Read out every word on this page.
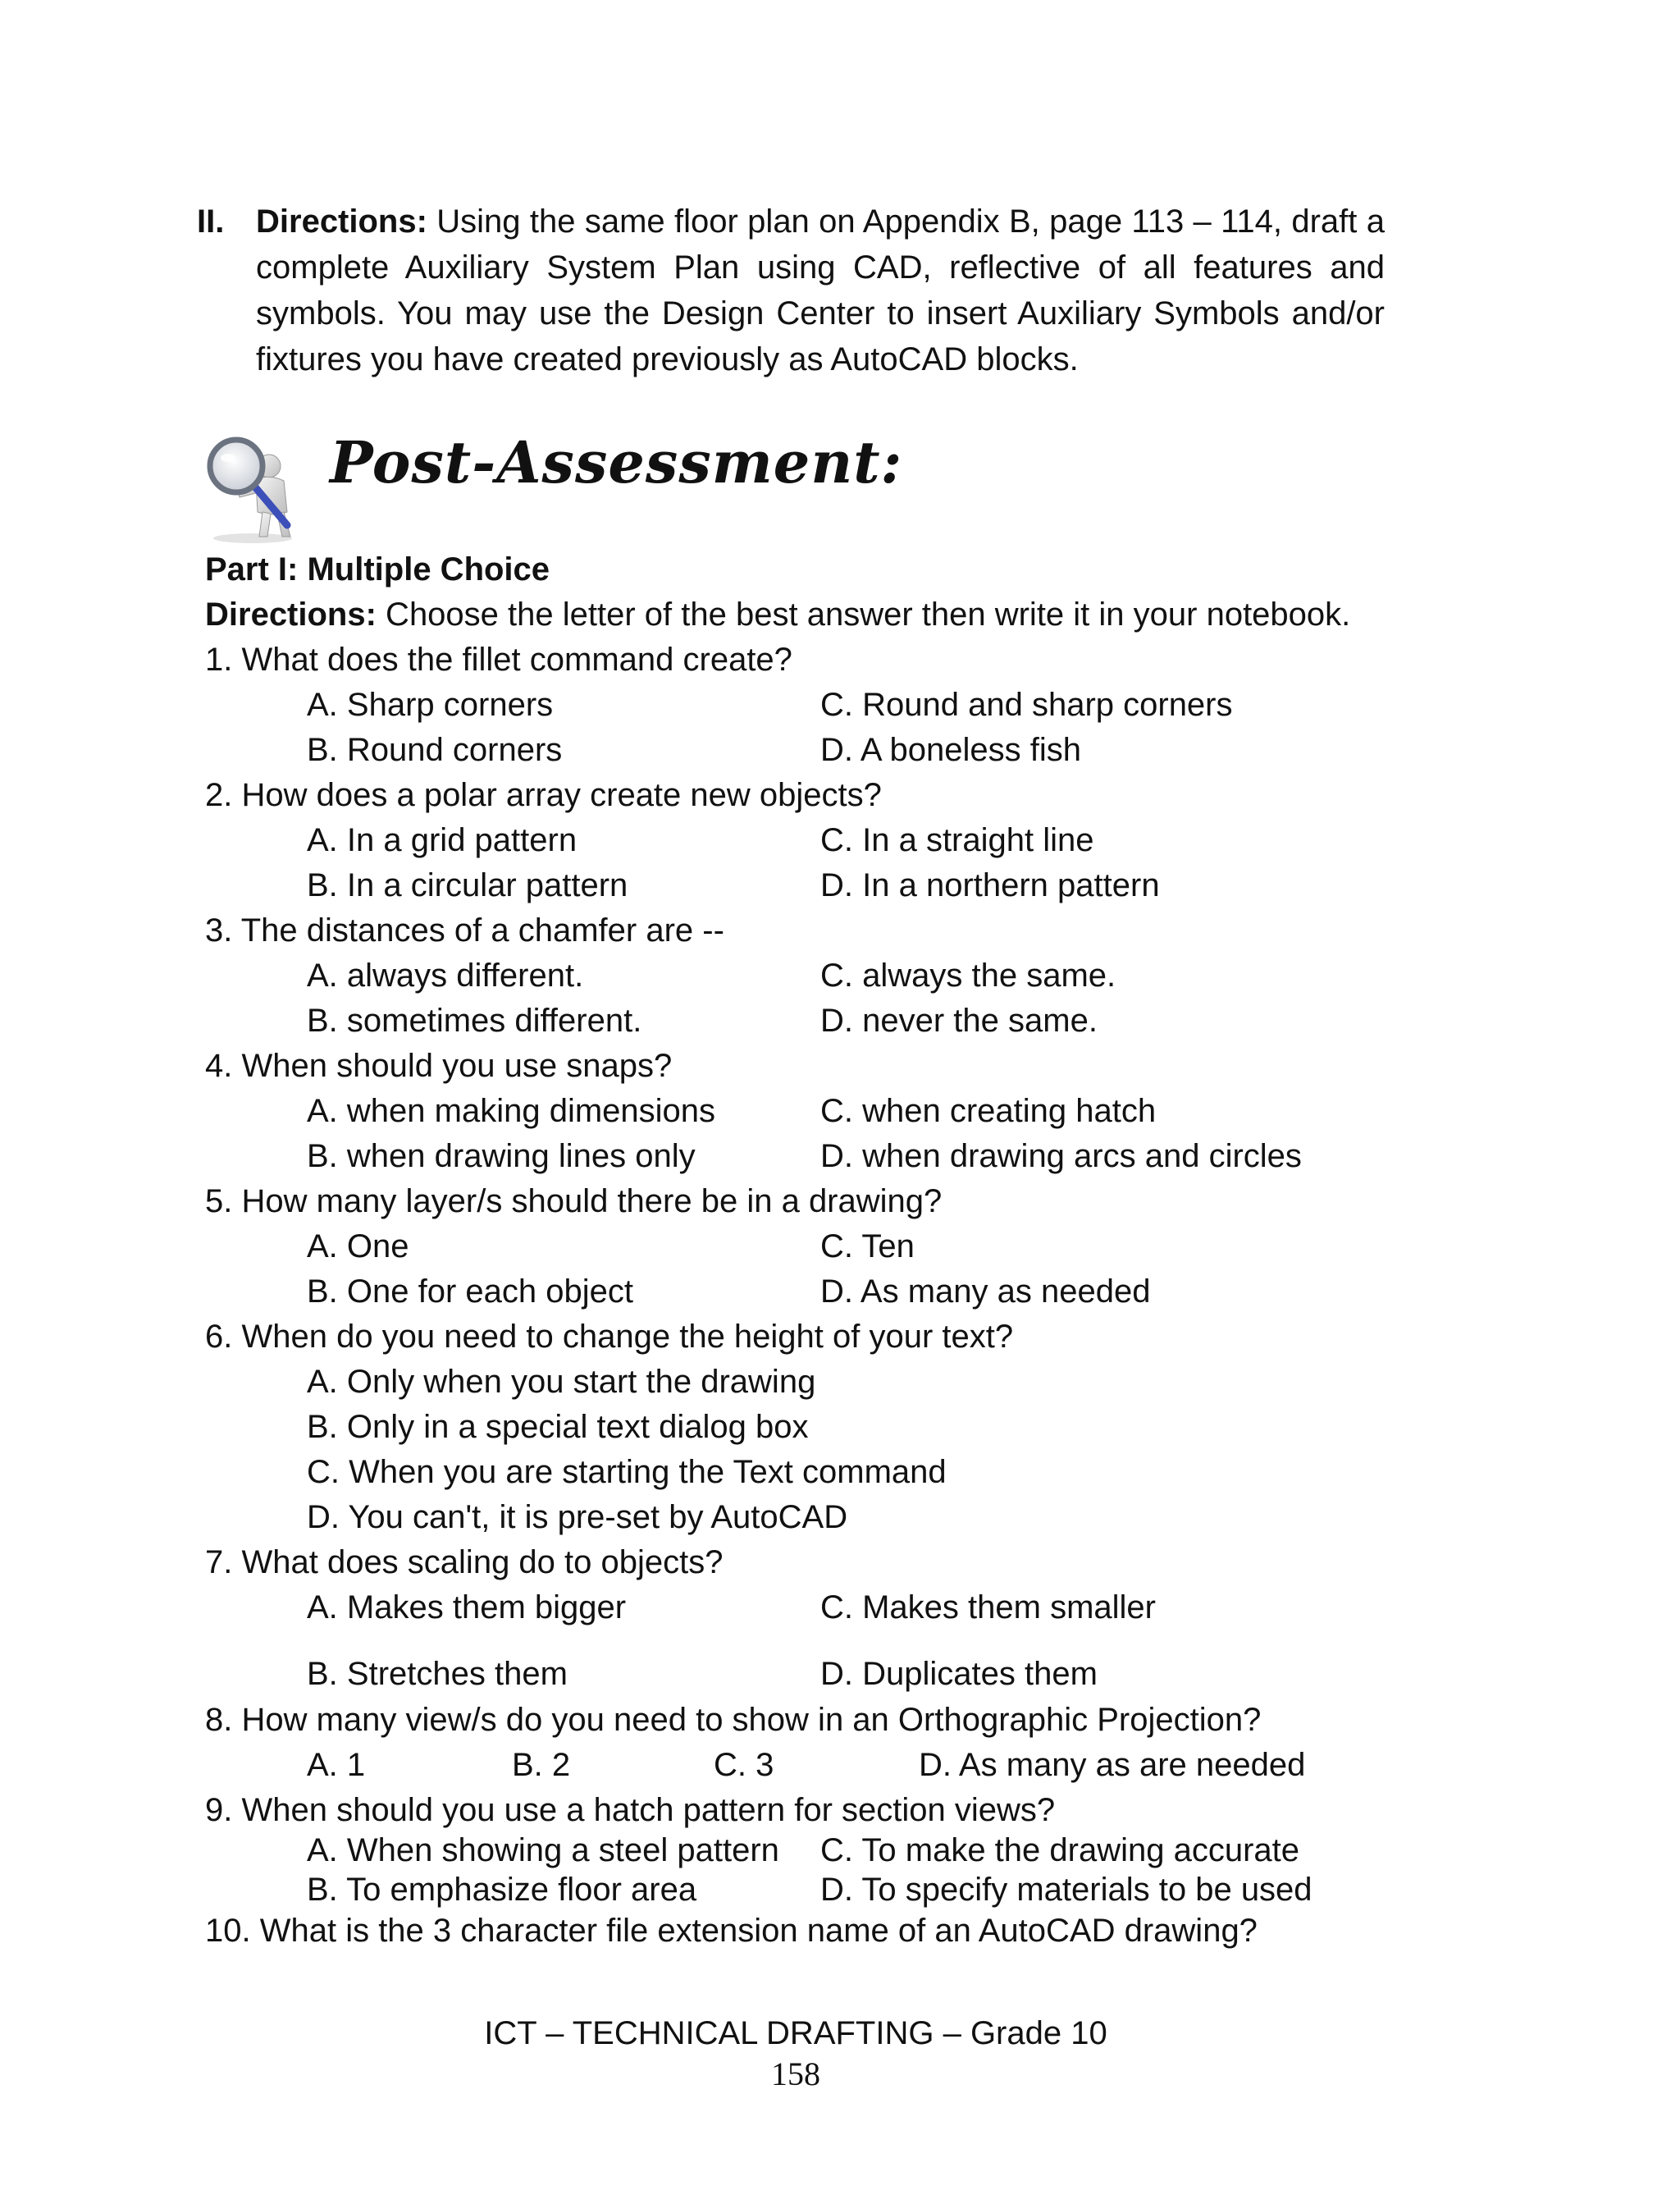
II. Directions: Using the same floor plan on Appendix B, page 113 – 114, draft a complete Auxiliary System Plan using CAD, reflective of all features and symbols. You may use the Design Center to insert Auxiliary Symbols and/or fixtures you have created previously as AutoCAD blocks.
Post-Assessment:
Part I: Multiple Choice
Directions: Choose the letter of the best answer then write it in your notebook.
1. What does the fillet command create?
A. Sharp corners	C. Round and sharp corners
B. Round corners	D. A boneless fish
2. How does a polar array create new objects?
A. In a grid pattern	C. In a straight line
B. In a circular pattern	D. In a northern pattern
3. The distances of a chamfer are --
A. always different.	C. always the same.
B. sometimes different.	D. never the same.
4. When should you use snaps?
A. when making dimensions	C. when creating hatch
B. when drawing lines only	D. when drawing arcs and circles
5. How many layer/s should there be in a drawing?
A. One	C. Ten
B. One for each object	D. As many as needed
6. When do you need to change the height of your text?
A. Only when you start the drawing
B. Only in a special text dialog box
C. When you are starting the Text command
D. You can't, it is pre-set by AutoCAD
7. What does scaling do to objects?
A. Makes them bigger	C. Makes them smaller
B. Stretches them	D. Duplicates them
8. How many view/s do you need to show in an Orthographic Projection?
A. 1	B. 2	C. 3	D. As many as are needed
9. When should you use a hatch pattern for section views?
A. When showing a steel pattern C. To make the drawing accurate
B. To emphasize floor area	D. To specify materials to be used
10. What is the 3 character file extension name of an AutoCAD drawing?
ICT – TECHNICAL DRAFTING – Grade 10
158
